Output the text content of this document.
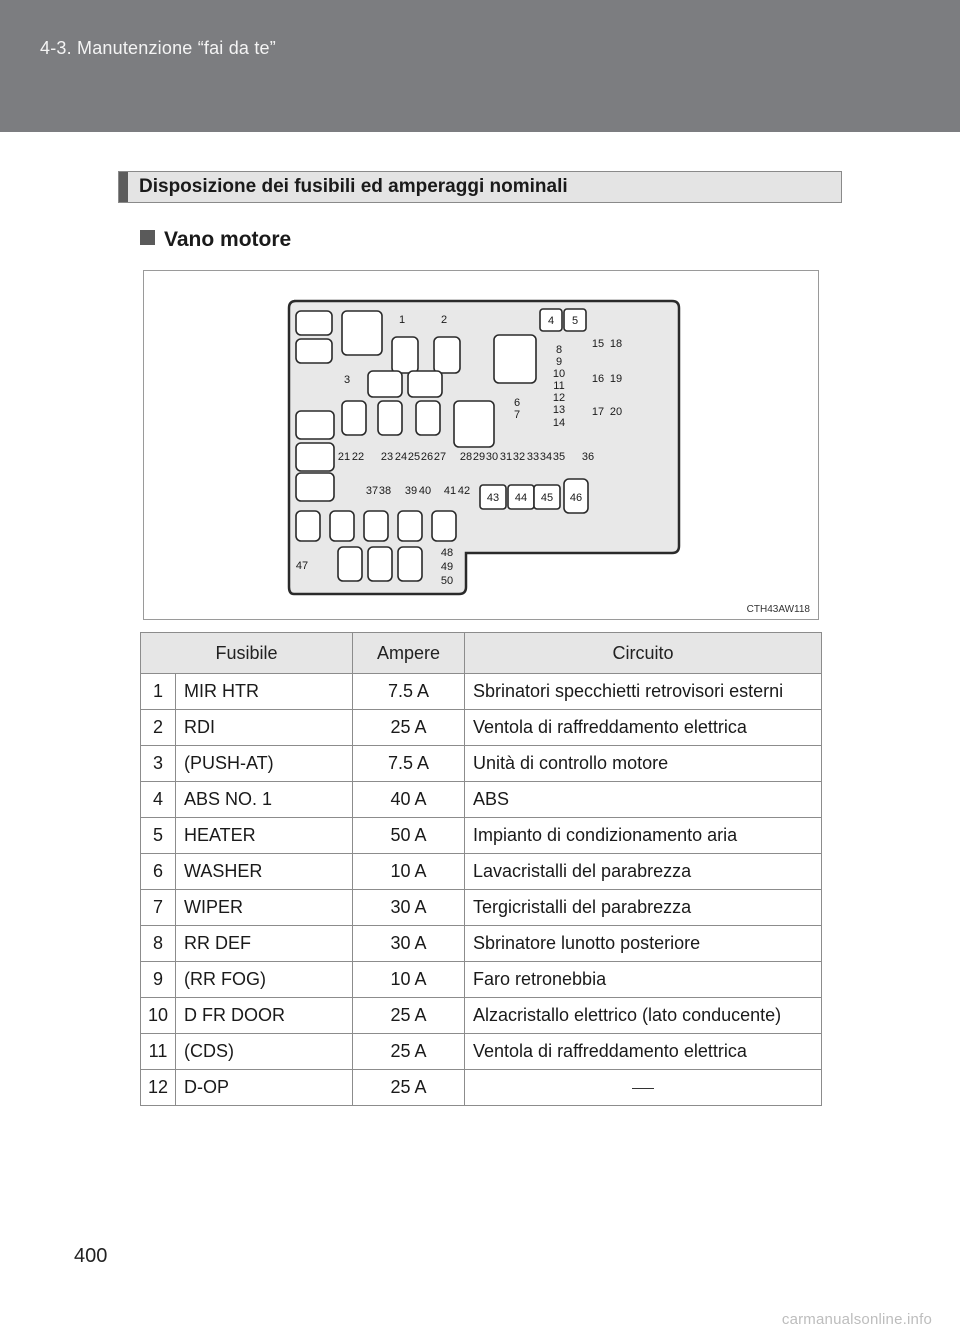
4-3. Manutenzione “fai da te”
Disposizione dei fusibili ed amperaggi nominali
Vano motore
1	2
3
4 5
6
7
8
9
10
11
12
13
14
15
16
17
18
19
20
21 22 23 24 25 26 27 28 29 30 31 32 33 34 35 36
37 38 39 40 41 42
43 44 45 46
47
48
49
50
CTH43AW118
Fusibile		Ampere	Circuito
1	MIR HTR	7.5 A	Sbrinatori specchietti retrovisori esterni
2	RDI	25 A	Ventola di raffreddamento elettrica
3	(PUSH-AT)	7.5 A	Unità di controllo motore
4	ABS NO. 1	40 A	ABS
5	HEATER	50 A	Impianto di condizionamento aria
6	WASHER	10 A	Lavacristalli del parabrezza
7	WIPER	30 A	Tergicristalli del parabrezza
8	RR DEF	30 A	Sbrinatore lunotto posteriore
9	(RR FOG)	10 A	Faro retronebbia
10	D FR DOOR	25 A	Alzacristallo elettrico (lato conducente)
11	(CDS)	25 A	Ventola di raffreddamento elettrica
12	D-OP	25 A	
400
carmanualsonline.info
